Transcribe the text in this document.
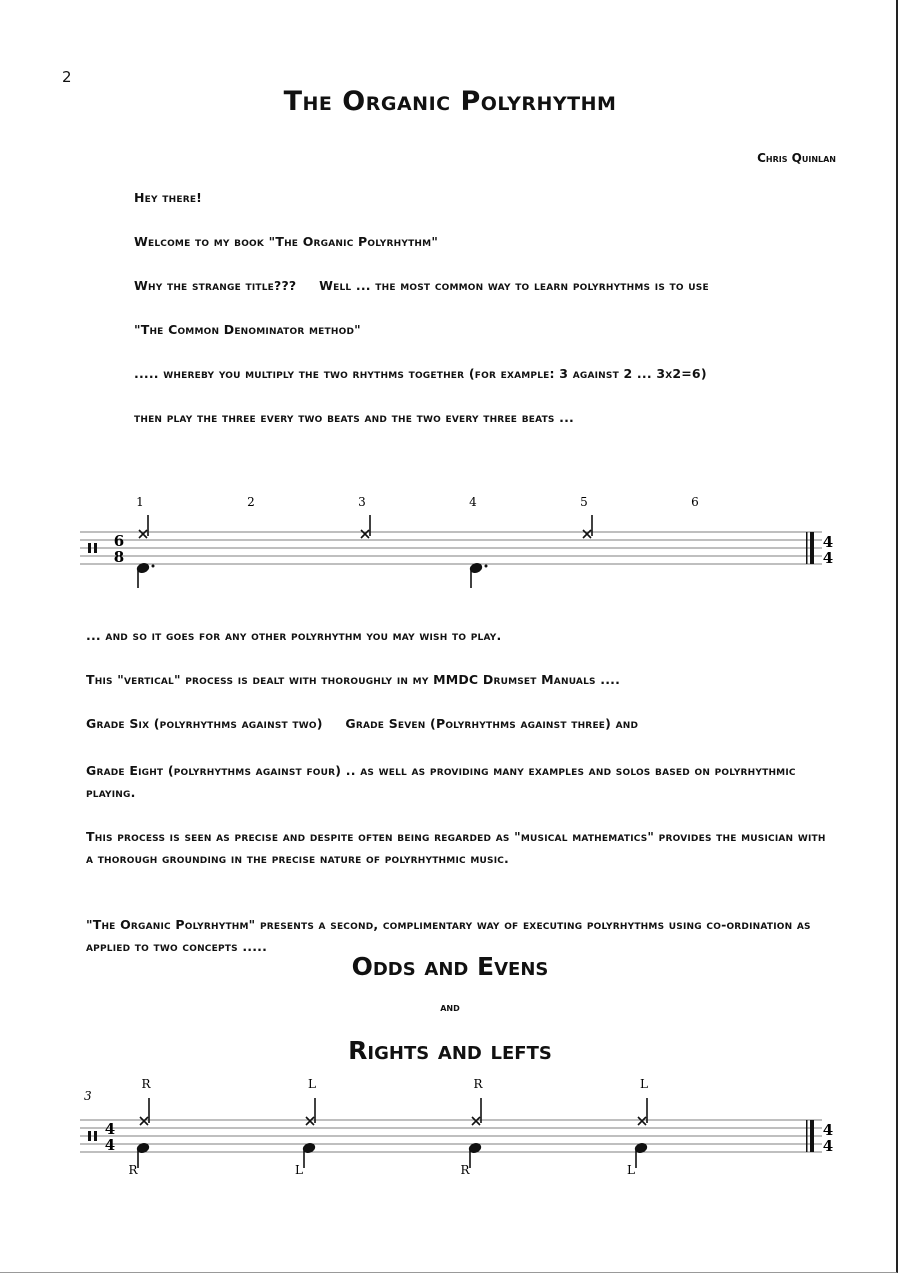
2
The Organic Polyrhythm
Chris Quinlan
Hey there!
Welcome to my book "The Organic Polyrhythm"
Why the strange title???     Well ... the most common way to learn polyrhythms is to use
"The Common Denominator method"
..... whereby you multiply the two rhythms together (for example: 3 against 2 ... 3x2=6)
then play the three every two beats and the two every three beats ...
6
8
1	2	3	4	5	6
4
4
... and so it goes for any other polyrhythm you may wish to play.
This "vertical" process is dealt with thoroughly in my MMDC Drumset Manuals ....
Grade Six (polyrhythms against two)     Grade Seven (Polyrhythms against three) and
Grade Eight (polyrhythms against four) .. as well as providing many examples and solos based on polyrhythmic playing.
This process is seen as precise and despite often being regarded as "musical mathematics" provides the musician with a thorough grounding in the precise nature of polyrhythmic music.
"The Organic Polyrhythm" presents a second, complimentary way of executing polyrhythms using co-ordination as applied to two concepts .....
Odds and Evens
and
Rights and lefts
3
4
4
R	L	R	L
R	L	R	L
4
4
